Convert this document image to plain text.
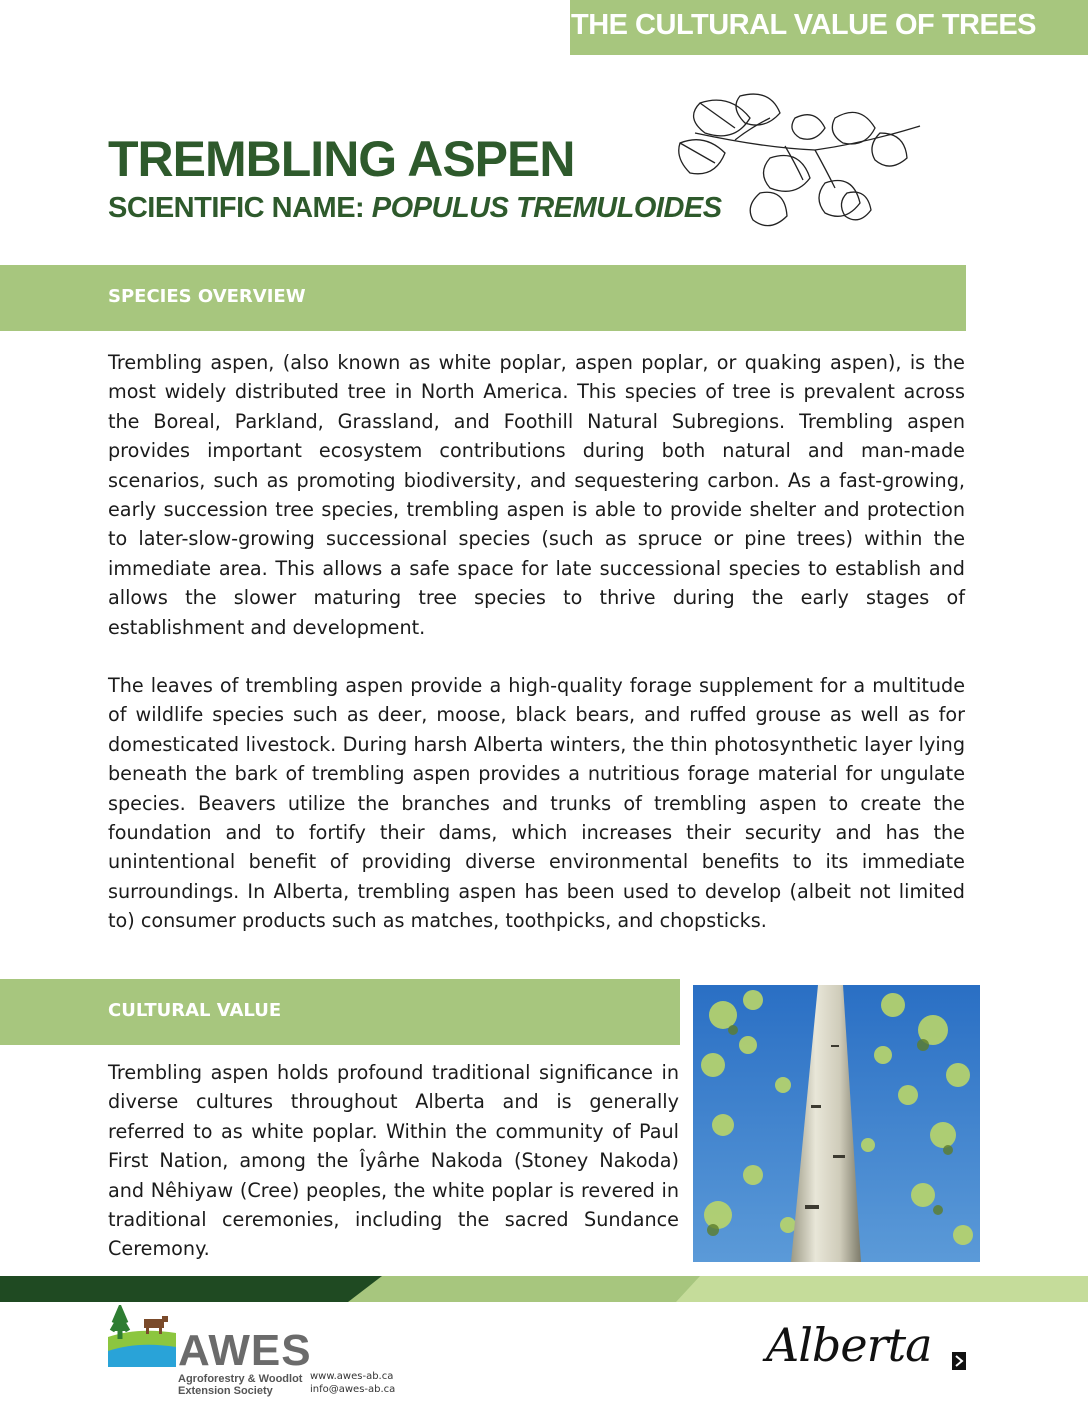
THE CULTURAL VALUE OF TREES
TREMBLING ASPEN
SCIENTIFIC NAME: POPULUS TREMULOIDES
SPECIES OVERVIEW

Trembling aspen, (also known as white poplar, aspen poplar, or quaking aspen), is the most widely distributed tree in North America. This species of tree is prevalent across the Boreal, Parkland, Grassland, and Foothill Natural Subregions. Trembling aspen provides important ecosystem contributions during both natural and man-made scenarios, such as promoting biodiversity, and sequestering carbon. As a fast-growing, early succession tree species, trembling aspen is able to provide shelter and protection to later-slow-growing successional species (such as spruce or pine trees) within the immediate area. This allows a safe space for late successional species to establish and allows the slower maturing tree species to thrive during the early stages of establishment and development.

The leaves of trembling aspen provide a high-quality forage supplement for a multitude of wildlife species such as deer, moose, black bears, and ruffed grouse as well as for domesticated livestock. During harsh Alberta winters, the thin photosynthetic layer lying beneath the bark of trembling aspen provides a nutritious forage material for ungulate species. Beavers utilize the branches and trunks of trembling aspen to create the foundation and to fortify their dams, which increases their security and has the unintentional benefit of providing diverse environmental benefits to its immediate surroundings. In Alberta, trembling aspen has been used to develop (albeit not limited to) consumer products such as matches, toothpicks, and chopsticks.

CULTURAL VALUE

Trembling aspen holds profound traditional significance in diverse cultures throughout Alberta and is generally referred to as white poplar. Within the community of Paul First Nation, among the Îyârhe Nakoda (Stoney Nakoda) and Nêhiyaw (Cree) peoples, the white poplar is revered in traditional ceremonies, including the sacred Sundance Ceremony.

AWES
Agroforestry & Woodlot
Extension Society
www.awes-ab.ca
info@awes-ab.ca
Alberta
